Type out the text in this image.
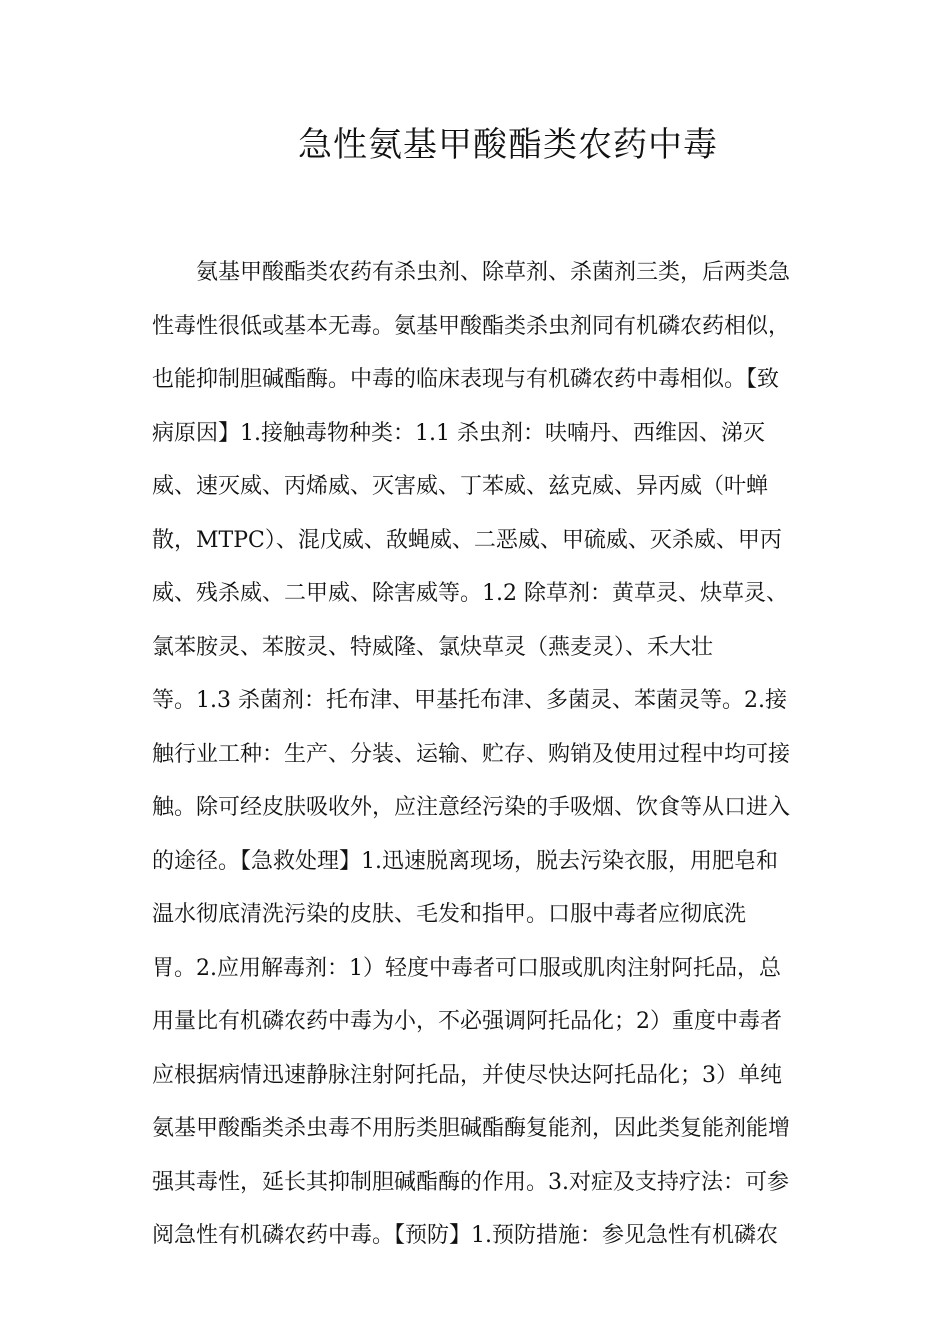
急性氨基甲酸酯类农药中毒
氨基甲酸酯类农药有杀虫剂、除草剂、杀菌剂三类，后两类急
性毒性很低或基本无毒。氨基甲酸酯类杀虫剂同有机磷农药相似，
也能抑制胆碱酯酶。中毒的临床表现与有机磷农药中毒相似。【致
病原因】1.接触毒物种类：1.1 杀虫剂：呋喃丹、西维因、涕灭
威、速灭威、丙烯威、灭害威、丁苯威、兹克威、异丙威（叶蝉
散，MTPC）、混戊威、敌蝇威、二恶威、甲硫威、灭杀威、甲丙
威、残杀威、二甲威、除害威等。1.2 除草剂：黄草灵、炔草灵、
氯苯胺灵、苯胺灵、特威隆、氯炔草灵（燕麦灵）、禾大壮
等。1.3 杀菌剂：托布津、甲基托布津、多菌灵、苯菌灵等。2.接
触行业工种：生产、分装、运输、贮存、购销及使用过程中均可接
触。除可经皮肤吸收外，应注意经污染的手吸烟、饮食等从口进入
的途径。【急救处理】1.迅速脱离现场，脱去污染衣服，用肥皂和
温水彻底清洗污染的皮肤、毛发和指甲。口服中毒者应彻底洗
胃。2.应用解毒剂：1）轻度中毒者可口服或肌肉注射阿托品，总
用量比有机磷农药中毒为小，不必强调阿托品化；2）重度中毒者
应根据病情迅速静脉注射阿托品，并使尽快达阿托品化；3）单纯
氨基甲酸酯类杀虫毒不用肟类胆碱酯酶复能剂，因此类复能剂能增
强其毒性，延长其抑制胆碱酯酶的作用。3.对症及支持疗法：可参
阅急性有机磷农药中毒。【预防】1.预防措施：参见急性有机磷农
